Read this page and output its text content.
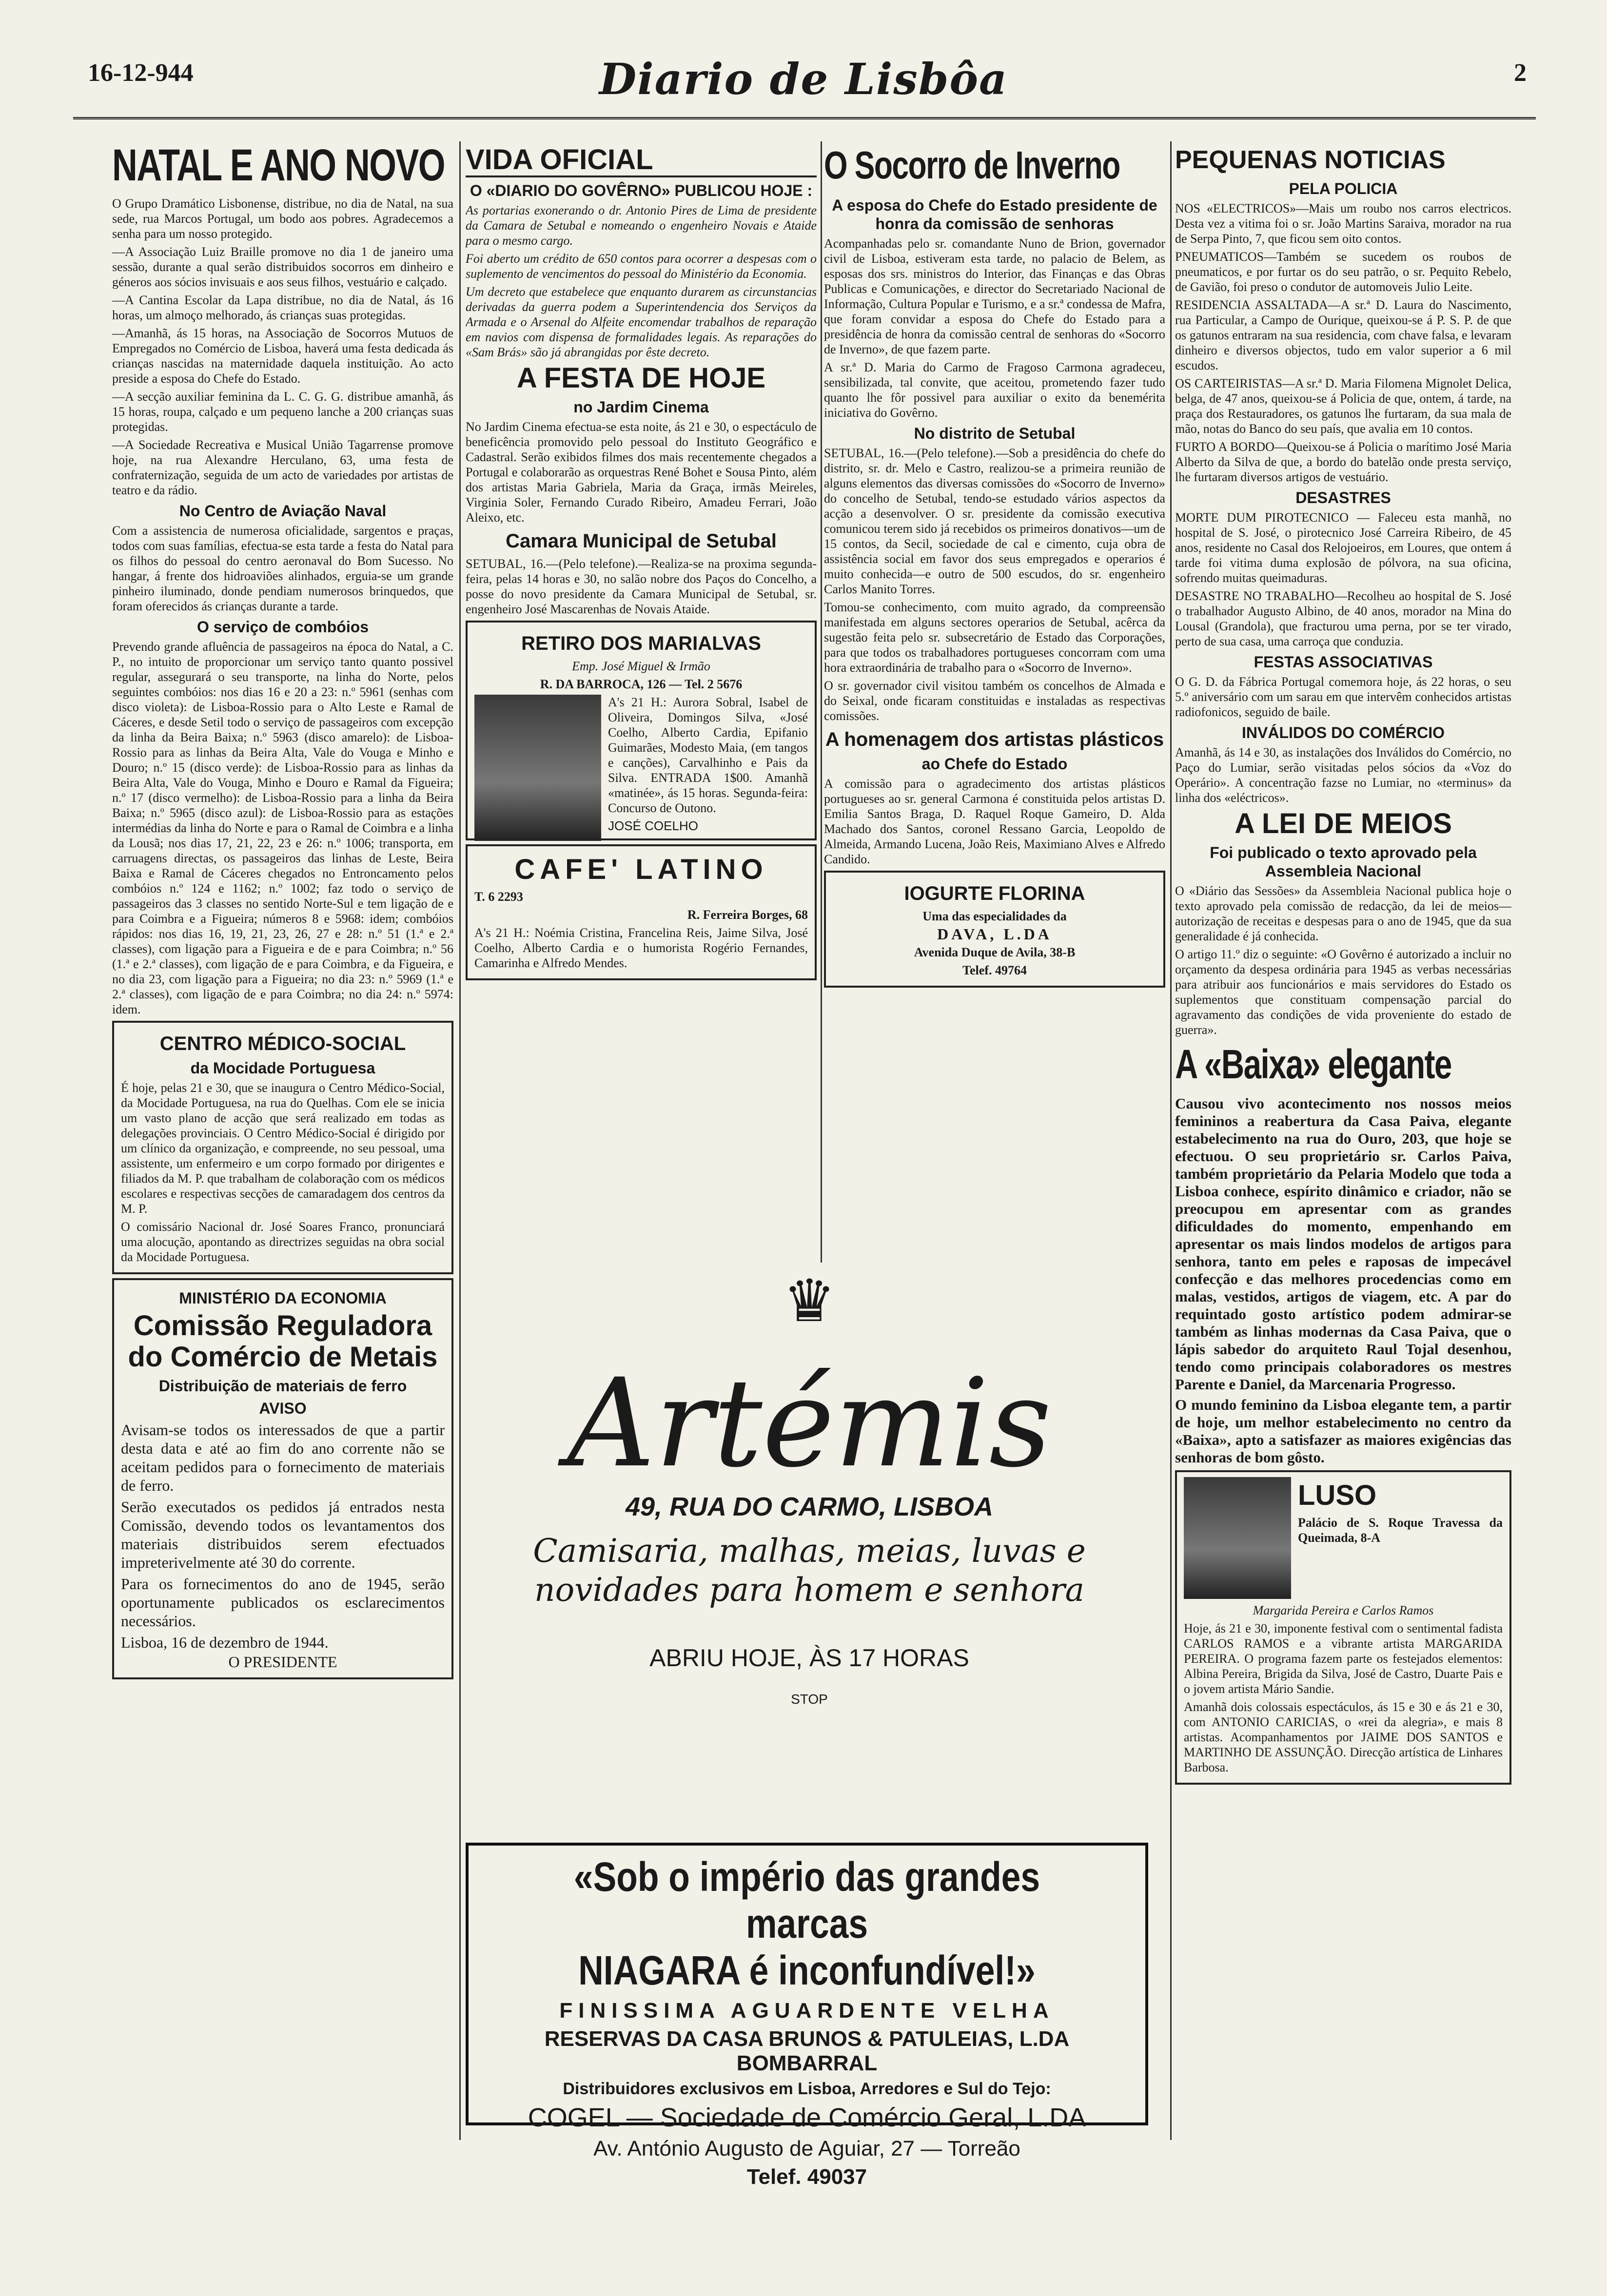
16-12-944	Diario de Lisbôa	2
NATAL E ANO NOVO

O Grupo Dramático Lisbonense, distribue, no dia de Natal, na sua sede, rua Marcos Portugal, um bodo aos pobres. Agradecemos a senha para um nosso protegido.

—A Associação Luiz Braille promove no dia 1 de janeiro uma sessão, durante a qual serão distribuidos socorros em dinheiro e géneros aos sócios invisuais e aos seus filhos, vestuário e calçado.

—A Cantina Escolar da Lapa distribue, no dia de Natal, ás 16 horas, um almoço melhorado, ás crianças suas protegidas.

—Amanhã, ás 15 horas, na Associação de Socorros Mutuos de Empregados no Comércio de Lisboa, haverá uma festa dedicada ás crianças nascidas na maternidade daquela instituição. Ao acto preside a esposa do Chefe do Estado.

—A secção auxiliar feminina da L. C. G. G. distribue amanhã, ás 15 horas, roupa, calçado e um pequeno lanche a 200 crianças suas protegidas.

—A Sociedade Recreativa e Musical União Tagarrense promove hoje, na rua Alexandre Herculano, 63, uma festa de confraternização, seguida de um acto de variedades por artistas de teatro e da rádio.

No Centro de Aviação Naval

Com a assistencia de numerosa oficialidade, sargentos e praças, todos com suas famílias, efectua-se esta tarde a festa do Natal para os filhos do pessoal do centro aeronaval do Bom Sucesso. No hangar, á frente dos hidroaviões alinhados, erguia-se um grande pinheiro iluminado, donde pendiam numerosos brinquedos, que foram oferecidos ás crianças durante a tarde.

O serviço de combóios

Prevendo grande afluência de passageiros na época do Natal, a C. P., no intuito de proporcionar um serviço tanto quanto possivel regular, assegurará o seu transporte, na linha do Norte, pelos seguintes combóios: nos dias 16 e 20 a 23: n.º 5961 (senhas com disco violeta): de Lisboa-Rossio para o Alto Leste e Ramal de Cáceres, e desde Setil todo o serviço de passageiros com excepção da linha da Beira Baixa; n.º 5963 (disco amarelo): de Lisboa-Rossio para as linhas da Beira Alta, Vale do Vouga e Minho e Douro; n.º 15 (disco verde): de Lisboa-Rossio para as linhas da Beira Alta, Vale do Vouga, Minho e Douro e Ramal da Figueira; n.º 17 (disco vermelho): de Lisboa-Rossio para a linha da Beira Baixa; n.º 5965 (disco azul): de Lisboa-Rossio para as estações intermédias da linha do Norte e para o Ramal de Coimbra e a linha da Lousã; nos dias 17, 21, 22, 23 e 26: n.º 1006; transporta, em carruagens directas, os passageiros das linhas de Leste, Beira Baixa e Ramal de Cáceres chegados no Entroncamento pelos combóios n.º 124 e 1162; n.º 1002; faz todo o serviço de passageiros das 3 classes no sentido Norte-Sul e tem ligação de e para Coimbra e a Figueira; números 8 e 5968: idem; combóios rápidos: nos dias 16, 19, 21, 23, 26, 27 e 28: n.º 51 (1.ª e 2.ª classes), com ligação para a Figueira e de e para Coimbra; n.º 56 (1.ª e 2.ª classes), com ligação de e para Coimbra, e da Figueira, e no dia 23, com ligação para a Figueira; no dia 23: n.º 5969 (1.ª e 2.ª classes), com ligação de e para Coimbra; no dia 24: n.º 5974: idem.

CENTRO MÉDICO-SOCIAL
da Mocidade Portuguesa

É hoje, pelas 21 e 30, que se inaugura o Centro Médico-Social, da Mocidade Portuguesa, na rua do Quelhas. Com ele se inicia um vasto plano de acção que será realizado em todas as delegações provinciais. O Centro Médico-Social é dirigido por um clínico da organização, e compreende, no seu pessoal, uma assistente, um enfermeiro e um corpo formado por dirigentes e filiados da M. P. que trabalham de colaboração com os médicos escolares e respectivas secções de camaradagem dos centros da M. P.

O comissário Nacional dr. José Soares Franco, pronunciará uma alocução, apontando as directrizes seguidas na obra social da Mocidade Portuguesa.

MINISTÉRIO DA ECONOMIA
Comissão Reguladora do Comércio de Metais
Distribuição de materiais de ferro
AVISO

Avisam-se todos os interessados de que a partir desta data e até ao fim do ano corrente não se aceitam pedidos para o fornecimento de materiais de ferro.

Serão executados os pedidos já entrados nesta Comissão, devendo todos os levantamentos dos materiais distribuidos serem efectuados impreterivelmente até 30 do corrente.

Para os fornecimentos do ano de 1945, serão oportunamente publicados os esclarecimentos necessários.

Lisboa, 16 de dezembro de 1944.

O PRESIDENTE

VIDA OFICIAL
O «DIARIO DO GOVÊRNO» PUBLICOU HOJE :

As portarias exonerando o dr. Antonio Pires de Lima de presidente da Camara de Setubal e nomeando o engenheiro Novais e Ataide para o mesmo cargo.

Foi aberto um crédito de 650 contos para ocorrer a despesas com o suplemento de vencimentos do pessoal do Ministério da Economia.

Um decreto que estabelece que enquanto durarem as circunstancias derivadas da guerra podem a Superintendencia dos Serviços da Armada e o Arsenal do Alfeite encomendar trabalhos de reparação em navios com dispensa de formalidades legais. As reparações do «Sam Brás» são já abrangidas por êste decreto.

A FESTA DE HOJE
no Jardim Cinema

No Jardim Cinema efectua-se esta noite, ás 21 e 30, o espectáculo de beneficência promovido pelo pessoal do Instituto Geográfico e Cadastral. Serão exibidos filmes dos mais recentemente chegados a Portugal e colaborarão as orquestras René Bohet e Sousa Pinto, além dos artistas Maria Gabriela, Maria da Graça, irmãs Meireles, Virginia Soler, Fernando Curado Ribeiro, Amadeu Ferrari, João Aleixo, etc.

Camara Municipal de Setubal

SETUBAL, 16.—(Pelo telefone).—Realiza-se na proxima segunda-feira, pelas 14 horas e 30, no salão nobre dos Paços do Concelho, a posse do novo presidente da Camara Municipal de Setubal, sr. engenheiro José Mascarenhas de Novais Ataide.

RETIRO DOS MARIALVAS

Emp. José Miguel & Irmão

R. DA BARROCA, 126 — Tel. 2 5676

A's 21 H.: Aurora Sobral, Isabel de Oliveira, Domingos Silva, «José Coelho, Alberto Cardia, Epifanio Guimarães, Modesto Maia, (em tangos e canções), Carvalhinho e Pais da Silva. ENTRADA 1$00. Amanhã «matinée», ás 15 horas. Segunda-feira: Concurso de Outono.

JOSÉ COELHO
CAFE' LATINO

T. 6 2293

R. Ferreira Borges, 68

A's 21 H.: Noémia Cristina, Francelina Reis, Jaime Silva, José Coelho, Alberto Cardia e o humorista Rogério Fernandes, Camarinha e Alfredo Mendes.

O Socorro de Inverno
A esposa do Chefe do Estado presidente de honra da comissão de senhoras

Acompanhadas pelo sr. comandante Nuno de Brion, governador civil de Lisboa, estiveram esta tarde, no palacio de Belem, as esposas dos srs. ministros do Interior, das Finanças e das Obras Publicas e Comunicações, e director do Secretariado Nacional de Informação, Cultura Popular e Turismo, e a sr.ª condessa de Mafra, que foram convidar a esposa do Chefe do Estado para a presidência de honra da comissão central de senhoras do «Socorro de Inverno», de que fazem parte.

A sr.ª D. Maria do Carmo de Fragoso Carmona agradeceu, sensibilizada, tal convite, que aceitou, prometendo fazer tudo quanto lhe fôr possivel para auxiliar o exito da benemérita iniciativa do Govêrno.

No distrito de Setubal

SETUBAL, 16.—(Pelo telefone).—Sob a presidência do chefe do distrito, sr. dr. Melo e Castro, realizou-se a primeira reunião de alguns elementos das diversas comissões do «Socorro de Inverno» do concelho de Setubal, tendo-se estudado vários aspectos da acção a desenvolver. O sr. presidente da comissão executiva comunicou terem sido já recebidos os primeiros donativos—um de 15 contos, da Secil, sociedade de cal e cimento, cuja obra de assistência social em favor dos seus empregados e operarios é muito conhecida—e outro de 500 escudos, do sr. engenheiro Carlos Manito Torres.

Tomou-se conhecimento, com muito agrado, da compreensão manifestada em alguns sectores operarios de Setubal, acêrca da sugestão feita pelo sr. subsecretário de Estado das Corporações, para que todos os trabalhadores portugueses concorram com uma hora extraordinária de trabalho para o «Socorro de Inverno».

O sr. governador civil visitou também os concelhos de Almada e do Seixal, onde ficaram constituidas e instaladas as respectivas comissões.

A homenagem dos artistas plásticos
ao Chefe do Estado

A comissão para o agradecimento dos artistas plásticos portugueses ao sr. general Carmona é constituida pelos artistas D. Emilia Santos Braga, D. Raquel Roque Gameiro, D. Alda Machado dos Santos, coronel Ressano Garcia, Leopoldo de Almeida, Armando Lucena, João Reis, Maximiano Alves e Alfredo Candido.

IOGURTE FLORINA

Uma das especialidades da

DAVA, L.DA

Avenida Duque de Avila, 38-B

Telef. 49764

PEQUENAS NOTICIAS
PELA POLICIA

NOS «ELECTRICOS»—Mais um roubo nos carros electricos. Desta vez a vitima foi o sr. João Martins Saraiva, morador na rua de Serpa Pinto, 7, que ficou sem oito contos.

PNEUMATICOS—Também se sucedem os roubos de pneumaticos, e por furtar os do seu patrão, o sr. Pequito Rebelo, de Gavião, foi preso o condutor de automoveis Julio Leite.

RESIDENCIA ASSALTADA—A sr.ª D. Laura do Nascimento, rua Particular, a Campo de Ourique, queixou-se á P. S. P. de que os gatunos entraram na sua residencia, com chave falsa, e levaram dinheiro e diversos objectos, tudo em valor superior a 6 mil escudos.

OS CARTEIRISTAS—A sr.ª D. Maria Filomena Mignolet Delica, belga, de 47 anos, queixou-se á Policia de que, ontem, á tarde, na praça dos Restauradores, os gatunos lhe furtaram, da sua mala de mão, notas do Banco do seu país, que avalia em 10 contos.

FURTO A BORDO—Queixou-se á Policia o marítimo José Maria Alberto da Silva de que, a bordo do batelão onde presta serviço, lhe furtaram diversos artigos de vestuário.

DESASTRES

MORTE DUM PIROTECNICO — Faleceu esta manhã, no hospital de S. José, o pirotecnico José Carreira Ribeiro, de 45 anos, residente no Casal dos Relojoeiros, em Loures, que ontem á tarde foi vitima duma explosão de pólvora, na sua oficina, sofrendo muitas queimaduras.

DESASTRE NO TRABALHO—Recolheu ao hospital de S. José o trabalhador Augusto Albino, de 40 anos, morador na Mina do Lousal (Grandola), que fracturou uma perna, por se ter virado, perto de sua casa, uma carroça que conduzia.

FESTAS ASSOCIATIVAS

O G. D. da Fábrica Portugal comemora hoje, ás 22 horas, o seu 5.º aniversário com um sarau em que intervêm conhecidos artistas radiofonicos, seguido de baile.

INVÁLIDOS DO COMÉRCIO

Amanhã, ás 14 e 30, as instalações dos Inválidos do Comércio, no Paço do Lumiar, serão visitadas pelos sócios da «Voz do Operário». A concentração fazse no Lumiar, no «terminus» da linha dos «eléctricos».

A LEI DE MEIOS
Foi publicado o texto aprovado pela Assembleia Nacional

O «Diário das Sessões» da Assembleia Nacional publica hoje o texto aprovado pela comissão de redacção, da lei de meios—autorização de receitas e despesas para o ano de 1945, que da sua generalidade é já conhecida.

O artigo 11.º diz o seguinte: «O Govêrno é autorizado a incluir no orçamento da despesa ordinária para 1945 as verbas necessárias para atribuir aos funcionários e mais servidores do Estado os suplementos que constituam compensação parcial do agravamento das condições de vida proveniente do estado de guerra».

A «Baixa» elegante

Causou vivo acontecimento nos nossos meios femininos a reabertura da Casa Paiva, elegante estabelecimento na rua do Ouro, 203, que hoje se efectuou. O seu proprietário sr. Carlos Paiva, também proprietário da Pelaria Modelo que toda a Lisboa conhece, espírito dinâmico e criador, não se preocupou em apresentar com as grandes dificuldades do momento, empenhando em apresentar os mais lindos modelos de artigos para senhora, tanto em peles e raposas de impecável confecção e das melhores procedencias como em malas, vestidos, artigos de viagem, etc. A par do requintado gosto artístico podem admirar-se também as linhas modernas da Casa Paiva, que o lápis sabedor do arquiteto Raul Tojal desenhou, tendo como principais colaboradores os mestres Parente e Daniel, da Marcenaria Progresso.

O mundo feminino da Lisboa elegante tem, a partir de hoje, um melhor estabelecimento no centro da «Baixa», apto a satisfazer as maiores exigências das senhoras de bom gôsto.

LUSO

Palácio de S. Roque Travessa da Queimada, 8-A

Margarida Pereira e Carlos Ramos

Hoje, ás 21 e 30, imponente festival com o sentimental fadista CARLOS RAMOS e a vibrante artista MARGARIDA PEREIRA. O programa fazem parte os festejados elementos: Albina Pereira, Brigida da Silva, José de Castro, Duarte Pais e o jovem artista Mário Sandie.

Amanhã dois colossais espectáculos, ás 15 e 30 e ás 21 e 30, com ANTONIO CARICIAS, o «rei da alegria», e mais 8 artistas. Acompanhamentos por JAIME DOS SANTOS e MARTINHO DE ASSUNÇÃO. Direcção artística de Linhares Barbosa.

♛
Artémis
49, RUA DO CARMO, LISBOA
Camisaria, malhas, meias, luvas e novidades para homem e senhora
ABRIU HOJE, ÀS 17 HORAS
STOP
«Sob o império das grandes marcas
NIAGARA é inconfundível!»
FINISSIMA AGUARDENTE VELHA
RESERVAS DA CASA BRUNOS & PATULEIAS, L.DA BOMBARRAL
Distribuidores exclusivos em Lisboa, Arredores e Sul do Tejo:
COGEL — Sociedade de Comércio Geral, L.DA
Av. António Augusto de Aguiar, 27 — Torreão
Telef. 49037
